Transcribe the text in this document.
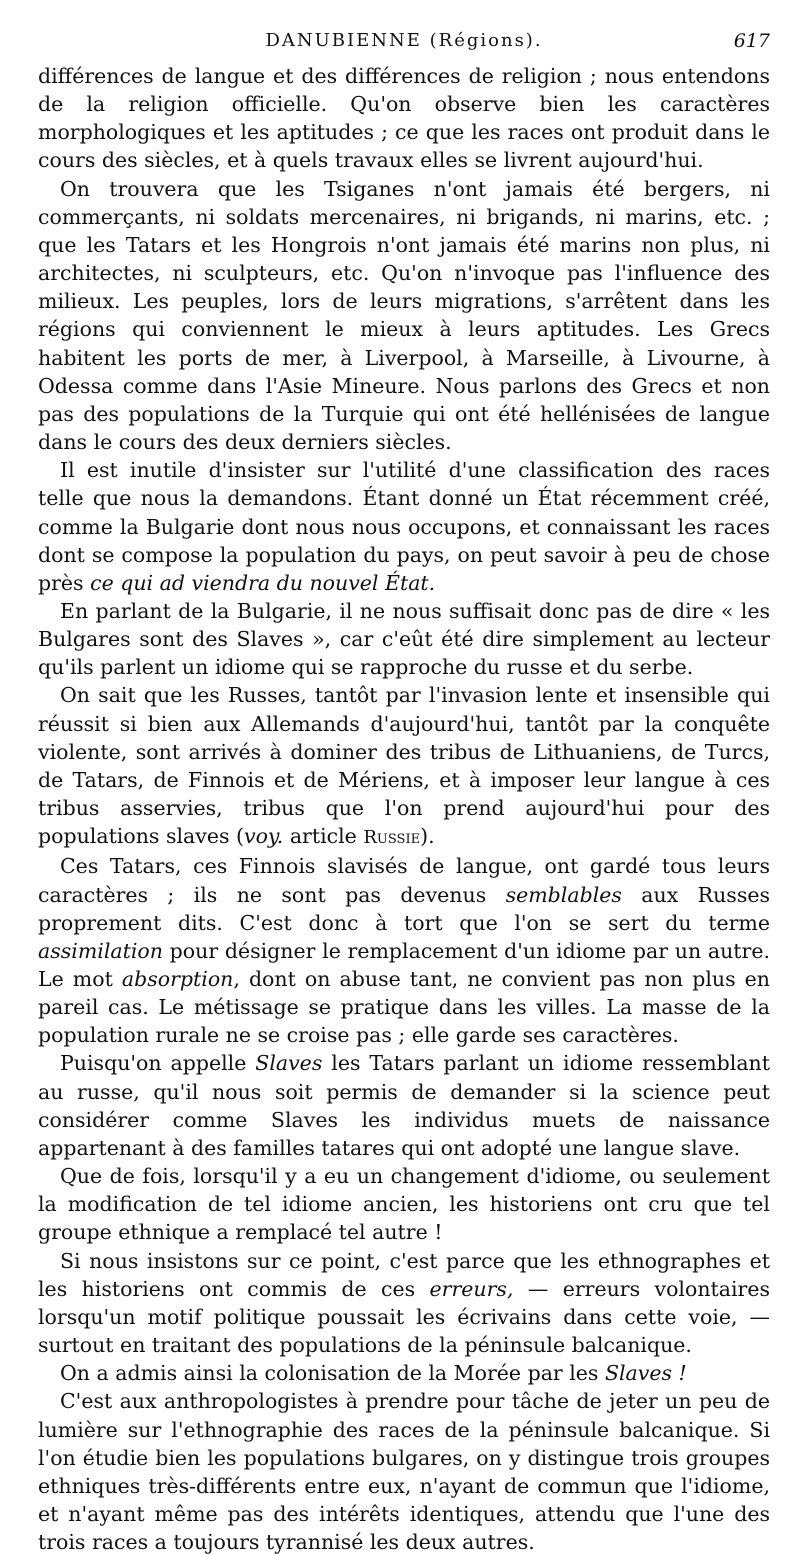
DANUBIENNE (Régions).	617

différences de langue et des différences de religion ; nous entendons de la religion officielle. Qu'on observe bien les caractères morphologiques et les aptitudes ; ce que les races ont produit dans le cours des siècles, et à quels travaux elles se livrent aujourd'hui.

On trouvera que les Tsiganes n'ont jamais été bergers, ni commerçants, ni soldats mercenaires, ni brigands, ni marins, etc. ; que les Tatars et les Hongrois n'ont jamais été marins non plus, ni architectes, ni sculpteurs, etc. Qu'on n'invoque pas l'influence des milieux. Les peuples, lors de leurs migrations, s'arrêtent dans les régions qui conviennent le mieux à leurs aptitudes. Les Grecs habitent les ports de mer, à Liverpool, à Marseille, à Livourne, à Odessa comme dans l'Asie Mineure. Nous parlons des Grecs et non pas des populations de la Turquie qui ont été hellénisées de langue dans le cours des deux derniers siècles.

Il est inutile d'insister sur l'utilité d'une classification des races telle que nous la demandons. Étant donné un État récemment créé, comme la Bulgarie dont nous nous occupons, et connaissant les races dont se compose la population du pays, on peut savoir à peu de chose près ce qui ad viendra du nouvel État.

En parlant de la Bulgarie, il ne nous suffisait donc pas de dire « les Bulgares sont des Slaves », car c'eût été dire simplement au lecteur qu'ils parlent un idiome qui se rapproche du russe et du serbe.

On sait que les Russes, tantôt par l'invasion lente et insensible qui réussit si bien aux Allemands d'aujourd'hui, tantôt par la conquête violente, sont arrivés à dominer des tribus de Lithuaniens, de Turcs, de Tatars, de Finnois et de Mériens, et à imposer leur langue à ces tribus asservies, tribus que l'on prend aujourd'hui pour des populations slaves (voy. article Russie).

Ces Tatars, ces Finnois slavisés de langue, ont gardé tous leurs caractères ; ils ne sont pas devenus semblables aux Russes proprement dits. C'est donc à tort que l'on se sert du terme assimilation pour désigner le remplacement d'un idiome par un autre. Le mot absorption, dont on abuse tant, ne convient pas non plus en pareil cas. Le métissage se pratique dans les villes. La masse de la population rurale ne se croise pas ; elle garde ses caractères.

Puisqu'on appelle Slaves les Tatars parlant un idiome ressemblant au russe, qu'il nous soit permis de demander si la science peut considérer comme Slaves les individus muets de naissance appartenant à des familles tatares qui ont adopté une langue slave.

Que de fois, lorsqu'il y a eu un changement d'idiome, ou seulement la modification de tel idiome ancien, les historiens ont cru que tel groupe ethnique a remplacé tel autre !

Si nous insistons sur ce point, c'est parce que les ethnographes et les historiens ont commis de ces erreurs, — erreurs volontaires lorsqu'un motif politique poussait les écrivains dans cette voie, — surtout en traitant des populations de la péninsule balcanique.

On a admis ainsi la colonisation de la Morée par les Slaves !

C'est aux anthropologistes à prendre pour tâche de jeter un peu de lumière sur l'ethnographie des races de la péninsule balcanique. Si l'on étudie bien les populations bulgares, on y distingue trois groupes ethniques très-différents entre eux, n'ayant de commun que l'idiome, et n'ayant même pas des intérêts identiques, attendu que l'une des trois races a toujours tyrannisé les deux autres.
